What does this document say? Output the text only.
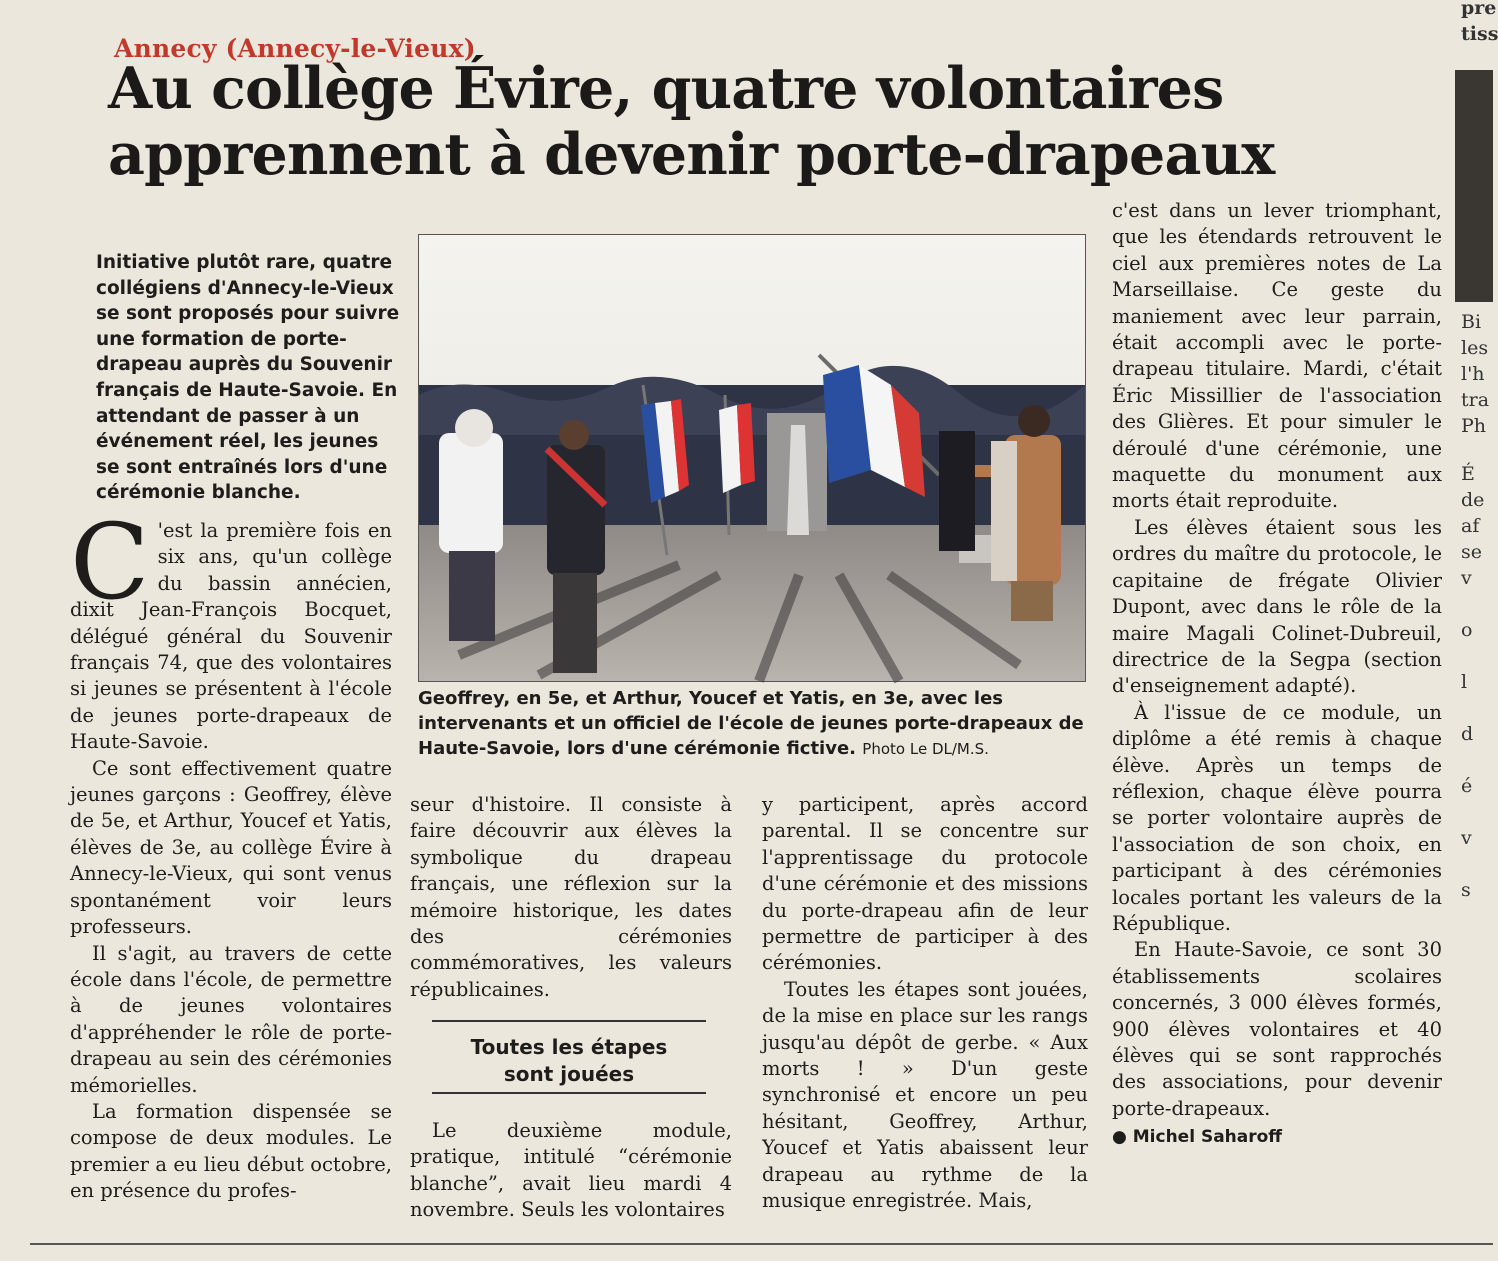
Annecy (Annecy-le-Vieux)
Au collège Évire, quatre volontaires apprennent à devenir porte-drapeaux
Initiative plutôt rare, quatre collégiens d'Annecy-le-Vieux se sont proposés pour suivre une formation de porte-drapeau auprès du Souvenir français de Haute-Savoie. En attendant de passer à un événement réel, les jeunes se sont entraînés lors d'une cérémonie blanche.

C 'est la première fois en six ans, qu'un collège du bassin annécien, dixit Jean-François Bocquet, délégué général du Souvenir français 74, que des volontaires si jeunes se présentent à l'école de jeunes porte-drapeaux de Haute-Savoie.

Ce sont effectivement quatre jeunes garçons : Geoffrey, élève de 5e, et Arthur, Youcef et Yatis, élèves de 3e, au collège Évire à Annecy-le-Vieux, qui sont venus spontanément voir leurs professeurs.

Il s'agit, au travers de cette école dans l'école, de permettre à de jeunes volontaires d'appréhender le rôle de porte-drapeau au sein des cérémonies mémorielles.

La formation dispensée se compose de deux modules. Le premier a eu lieu début octobre, en présence du profes-

Geoffrey, en 5e, et Arthur, Youcef et Yatis, en 3e, avec les intervenants et un officiel de l'école de jeunes porte-drapeaux de Haute-Savoie, lors d'une cérémonie fictive. Photo Le DL/M.S.

seur d'histoire. Il consiste à faire découvrir aux élèves la symbolique du drapeau français, une réflexion sur la mémoire historique, les dates des cérémonies commémoratives, les valeurs républicaines.

Toutes les étapes
sont jouées

Le deuxième module, pratique, intitulé “cérémonie blanche”, avait lieu mardi 4 novembre. Seuls les volontaires

y participent, après accord parental. Il se concentre sur l'apprentissage du protocole d'une cérémonie et des missions du porte-drapeau afin de leur permettre de participer à des cérémonies.

Toutes les étapes sont jouées, de la mise en place sur les rangs jusqu'au dépôt de gerbe. « Aux morts ! » D'un geste synchronisé et encore un peu hésitant, Geoffrey, Arthur, Youcef et Yatis abaissent leur drapeau au rythme de la musique enregistrée. Mais,

c'est dans un lever triomphant, que les étendards retrouvent le ciel aux premières notes de La Marseillaise. Ce geste du maniement avec leur parrain, était accompli avec le porte-drapeau titulaire. Mardi, c'était Éric Missillier de l'association des Glières. Et pour simuler le déroulé d'une cérémonie, une maquette du monument aux morts était reproduite.

Les élèves étaient sous les ordres du maître du protocole, le capitaine de frégate Olivier Dupont, avec dans le rôle de la maire Magali Colinet-Dubreuil, directrice de la Segpa (section d'enseignement adapté).

À l'issue de ce module, un diplôme a été remis à chaque élève. Après un temps de réflexion, chaque élève pourra se porter volontaire auprès de l'association de son choix, en participant à des cérémonies locales portant les valeurs de la République.

En Haute-Savoie, ce sont 30 établissements scolaires concernés, 3 000 élèves formés, 900 élèves volontaires et 40 élèves qui se sont rapprochés des associations, pour devenir porte-drapeaux.

● Michel Saharoff
pre
tiss
Bi
les
l'h
tra
Ph
É
de
af
se
v
o
l
d
é
v
s
